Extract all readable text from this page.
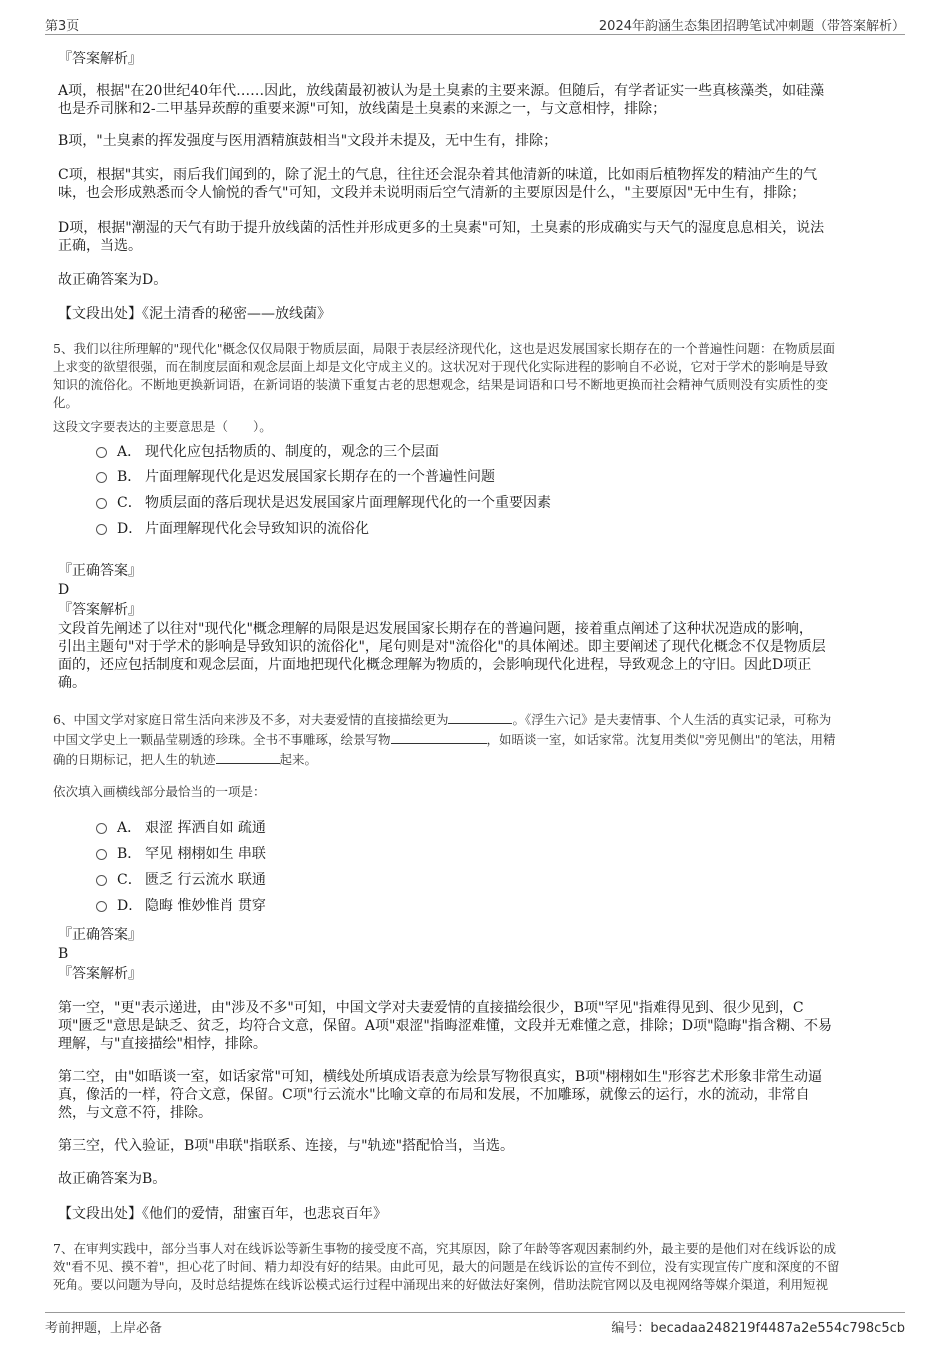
第3页	2024年韵涵生态集团招聘笔试冲刺题（带答案解析）
『答案解析』
A项，根据"在20世纪40年代……因此，放线菌最初被认为是土臭素的主要来源。但随后，有学者证实一些真核藻类，如硅藻
也是乔司脒和2-二甲基异莰醇的重要来源"可知，放线菌是土臭素的来源之一，与文意相悖，排除；
B项，"土臭素的挥发强度与医用酒精旗鼓相当"文段并未提及，无中生有，排除；
C项，根据"其实，雨后我们闻到的，除了泥土的气息，往往还会混杂着其他清新的味道，比如雨后植物挥发的精油产生的气
味，也会形成熟悉而令人愉悦的香气"可知，文段并未说明雨后空气清新的主要原因是什么，"主要原因"无中生有，排除；
D项，根据"潮湿的天气有助于提升放线菌的活性并形成更多的土臭素"可知，土臭素的形成确实与天气的湿度息息相关，说法
正确，当选。
故正确答案为D。
【文段出处】《泥土清香的秘密——放线菌》
5、我们以往所理解的"现代化"概念仅仅局限于物质层面，局限于表层经济现代化，这也是迟发展国家长期存在的一个普遍性问题：在物质层面
上求变的欲望很强，而在制度层面和观念层面上却是文化守成主义的。这状况对于现代化实际进程的影响自不必说，它对于学术的影响是导致
知识的流俗化。不断地更换新词语，在新词语的装潢下重复古老的思想观念，结果是词语和口号不断地更换而社会精神气质则没有实质性的变
化。
这段文字要表达的主要意思是（　　）。
A． 现代化应包括物质的、制度的，观念的三个层面
B． 片面理解现代化是迟发展国家长期存在的一个普遍性问题
C． 物质层面的落后现状是迟发展国家片面理解现代化的一个重要因素
D． 片面理解现代化会导致知识的流俗化
『正确答案』
D
『答案解析』
文段首先阐述了以往对"现代化"概念理解的局限是迟发展国家长期存在的普遍问题，接着重点阐述了这种状况造成的影响，
引出主题句"对于学术的影响是导致知识的流俗化"，尾句则是对"流俗化"的具体阐述。即主要阐述了现代化概念不仅是物质层
面的，还应包括制度和观念层面，片面地把现代化概念理解为物质的，会影响现代化进程，导致观念上的守旧。因此D项正
确。
6、中国文学对家庭日常生活向来涉及不多，对夫妻爱情的直接描绘更为	。《浮生六记》是夫妻情事、个人生活的真实记录，可称为
中国文学史上一颗晶莹剔透的珍珠。全书不事雕琢，绘景写物	，如晤谈一室，如话家常。沈复用类似"旁见侧出"的笔法，用精
确的日期标记，把人生的轨迹	起来。
依次填入画横线部分最恰当的一项是：
A． 艰涩 挥洒自如 疏通
B． 罕见 栩栩如生 串联
C． 匮乏 行云流水 联通
D． 隐晦 惟妙惟肖 贯穿
『正确答案』
B
『答案解析』
第一空，"更"表示递进，由"涉及不多"可知，中国文学对夫妻爱情的直接描绘很少，B项"罕见"指难得见到、很少见到，C
项"匮乏"意思是缺乏、贫乏，均符合文意，保留。A项"艰涩"指晦涩难懂，文段并无难懂之意，排除；D项"隐晦"指含糊、不易
理解，与"直接描绘"相悖，排除。
第二空，由"如晤谈一室，如话家常"可知，横线处所填成语表意为绘景写物很真实，B项"栩栩如生"形容艺术形象非常生动逼
真，像活的一样，符合文意，保留。C项"行云流水"比喻文章的布局和发展，不加雕琢，就像云的运行，水的流动，非常自
然，与文意不符，排除。
第三空，代入验证，B项"串联"指联系、连接，与"轨迹"搭配恰当，当选。
故正确答案为B。
【文段出处】《他们的爱情，甜蜜百年，也悲哀百年》
7、在审判实践中，部分当事人对在线诉讼等新生事物的接受度不高，究其原因，除了年龄等客观因素制约外，最主要的是他们对在线诉讼的成
效"看不见、摸不着"，担心花了时间、精力却没有好的结果。由此可见，最大的问题是在线诉讼的宣传不到位，没有实现宣传广度和深度的不留
死角。要以问题为导向，及时总结提炼在线诉讼模式运行过程中涌现出来的好做法好案例，借助法院官网以及电视网络等媒介渠道，利用短视
考前押题，上岸必备	编号：becadaa248219f4487a2e554c798c5cb
